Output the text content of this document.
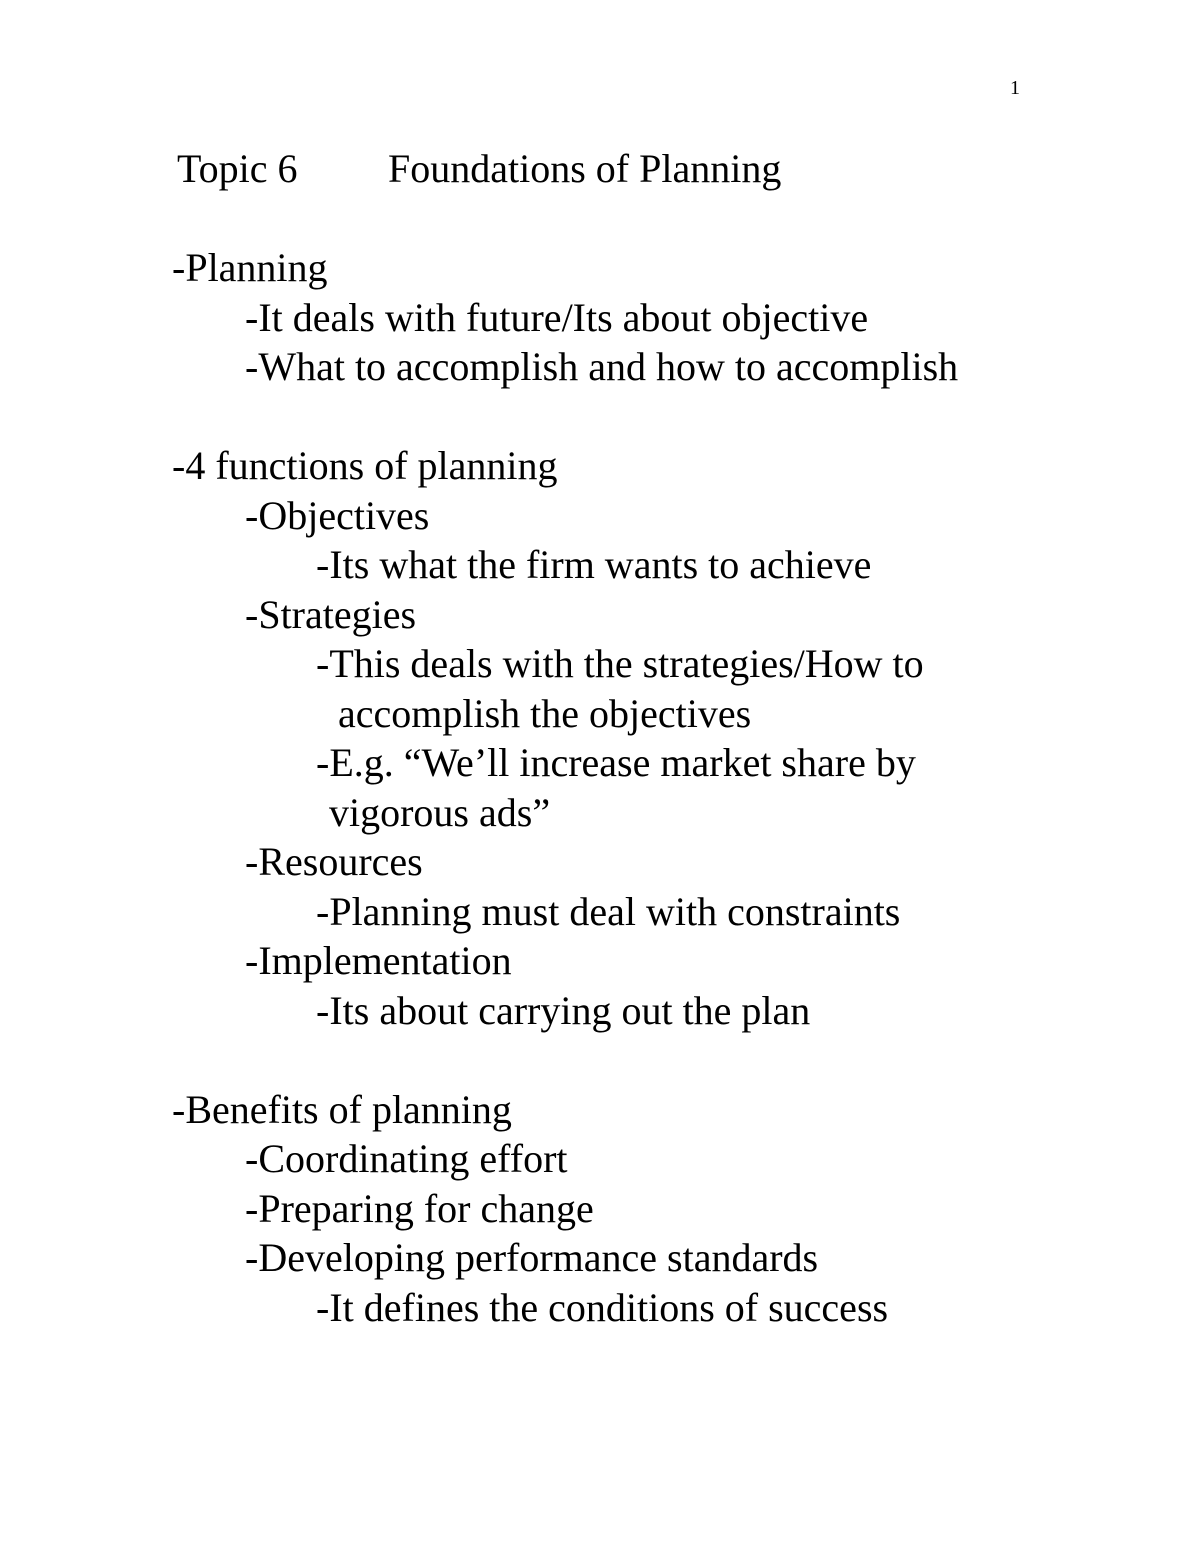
1
Topic 6 Foundations of Planning
-Planning
-It deals with future/Its about objective
-What to accomplish and how to accomplish
-4 functions of planning
-Objectives
-Its what the firm wants to achieve
-Strategies
-This deals with the strategies/How to
accomplish the objectives
-E.g. “We’ll increase market share by
vigorous ads”
-Resources
-Planning must deal with constraints
-Implementation
-Its about carrying out the plan
-Benefits of planning
-Coordinating effort
-Preparing for change
-Developing performance standards
-It defines the conditions of success
